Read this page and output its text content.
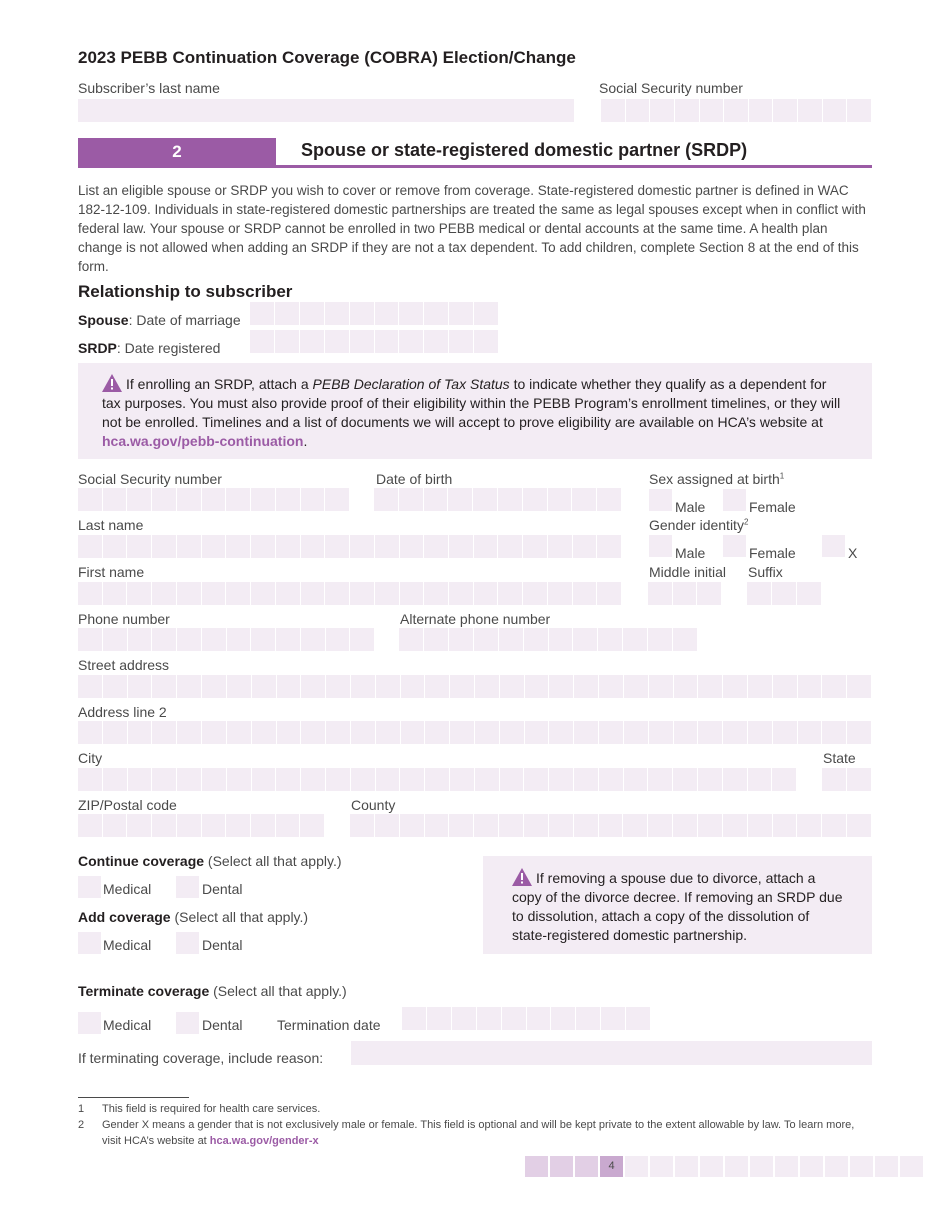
2023 PEBB Continuation Coverage (COBRA) Election/Change
Subscriber’s last name	Social Security number
2	Spouse or state-registered domestic partner (SRDP)
List an eligible spouse or SRDP you wish to cover or remove from coverage. State-registered domestic partner is defined in WAC 182-12-109. Individuals in state-registered domestic partnerships are treated the same as legal spouses except when in conflict with federal law. Your spouse or SRDP cannot be enrolled in two PEBB medical or dental accounts at the same time. A health plan change is not allowed when adding an SRDP if they are not a tax dependent. To add children, complete Section 8 at the end of this form.
Relationship to subscriber
Spouse: Date of marriage
SRDP: Date registered
If enrolling an SRDP, attach a PEBB Declaration of Tax Status to indicate whether they qualify as a dependent for tax purposes. You must also provide proof of their eligibility within the PEBB Program’s enrollment timelines, or they will not be enrolled. Timelines and a list of documents we will accept to prove eligibility are available on HCA’s website at hca.wa.gov/pebb-continuation.
Social Security number	Date of birth	Sex assigned at birth$^1$
Male	Female
Last name	Gender identity$^2$
Male	Female	X
First name	Middle initial Suffix
Phone number	Alternate phone number
Street address
Address line 2
City	State
ZIP/Postal code	County
Continue coverage (Select all that apply.)
Medical	Dental
Add coverage (Select all that apply.)
Medical	Dental
If removing a spouse due to divorce, attach a copy of the divorce decree. If removing an SRDP due to dissolution, attach a copy of the dissolution of state-registered domestic partnership.
Terminate coverage (Select all that apply.)
Medical	Dental Termination date
If terminating coverage, include reason:
1 This field is required for health care services.
2 Gender X means a gender that is not exclusively male or female. This field is optional and will be kept private to the extent allowable by law. To learn more, visit HCA’s website at hca.wa.gov/gender-x
4
